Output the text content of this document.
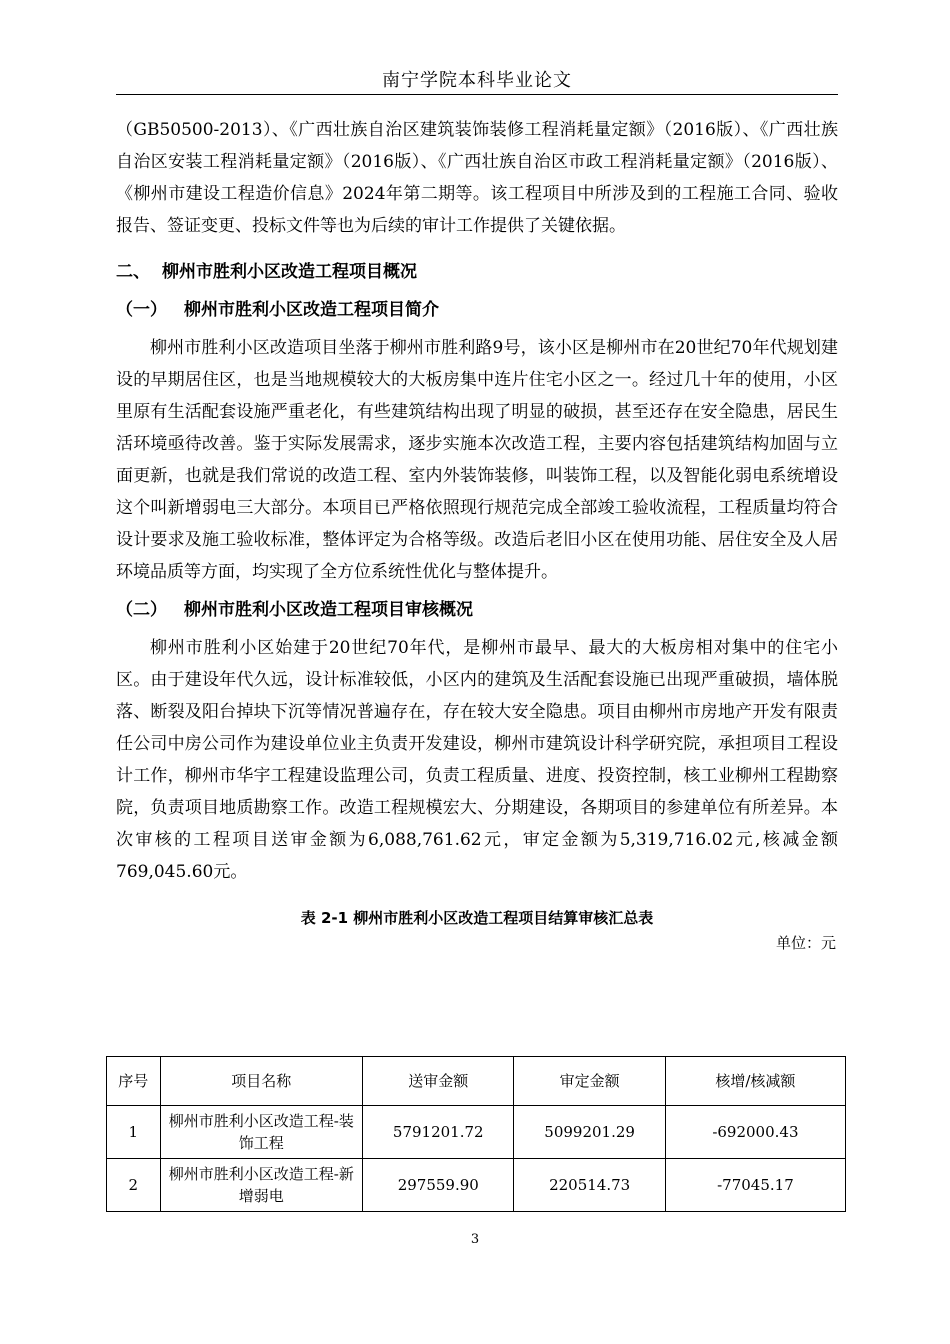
南宁学院本科毕业论文

（GB50500-2013）、《广西壮族自治区建筑装饰装修工程消耗量定额》（2016版）、《广西壮族自治区安装工程消耗量定额》（2016版）、《广西壮族自治区市政工程消耗量定额》（2016版）、《柳州市建设工程造价信息》2024年第二期等。该工程项目中所涉及到的工程施工合同、验收报告、签证变更、投标文件等也为后续的审计工作提供了关键依据。

二、 柳州市胜利小区改造工程项目概况
（一） 柳州市胜利小区改造工程项目简介

柳州市胜利小区改造项目坐落于柳州市胜利路9号，该小区是柳州市在20世纪70年代规划建设的早期居住区，也是当地规模较大的大板房集中连片住宅小区之一。经过几十年的使用，小区里原有生活配套设施严重老化，有些建筑结构出现了明显的破损，甚至还存在安全隐患，居民生活环境亟待改善。鉴于实际发展需求，逐步实施本次改造工程，主要内容包括建筑结构加固与立面更新，也就是我们常说的改造工程、室内外装饰装修，叫装饰工程，以及智能化弱电系统增设这个叫新增弱电三大部分。本项目已严格依照现行规范完成全部竣工验收流程，工程质量均符合设计要求及施工验收标准，整体评定为合格等级。改造后老旧小区在使用功能、居住安全及人居环境品质等方面，均实现了全方位系统性优化与整体提升。

（二） 柳州市胜利小区改造工程项目审核概况

柳州市胜利小区始建于20世纪70年代，是柳州市最早、最大的大板房相对集中的住宅小区。由于建设年代久远，设计标准较低，小区内的建筑及生活配套设施已出现严重破损，墙体脱落、断裂及阳台掉块下沉等情况普遍存在，存在较大安全隐患。项目由柳州市房地产开发有限责任公司中房公司作为建设单位业主负责开发建设，柳州市建筑设计科学研究院，承担项目工程设计工作，柳州市华宇工程建设监理公司，负责工程质量、进度、投资控制，核工业柳州工程勘察院，负责项目地质勘察工作。改造工程规模宏大、分期建设，各期项目的参建单位有所差异。本次审核的工程项目送审金额为6,088,761.62元，审定金额为5,319,716.02元,核减金额769,045.60元。

表 2-1 柳州市胜利小区改造工程项目结算审核汇总表
单位：元
序号	项目名称	送审金额	审定金额	核增/核减额
1	柳州市胜利小区改造工程-装饰工程	5791201.72	5099201.29	-692000.43
2	柳州市胜利小区改造工程-新增弱电	297559.90	220514.73	-77045.17
3
